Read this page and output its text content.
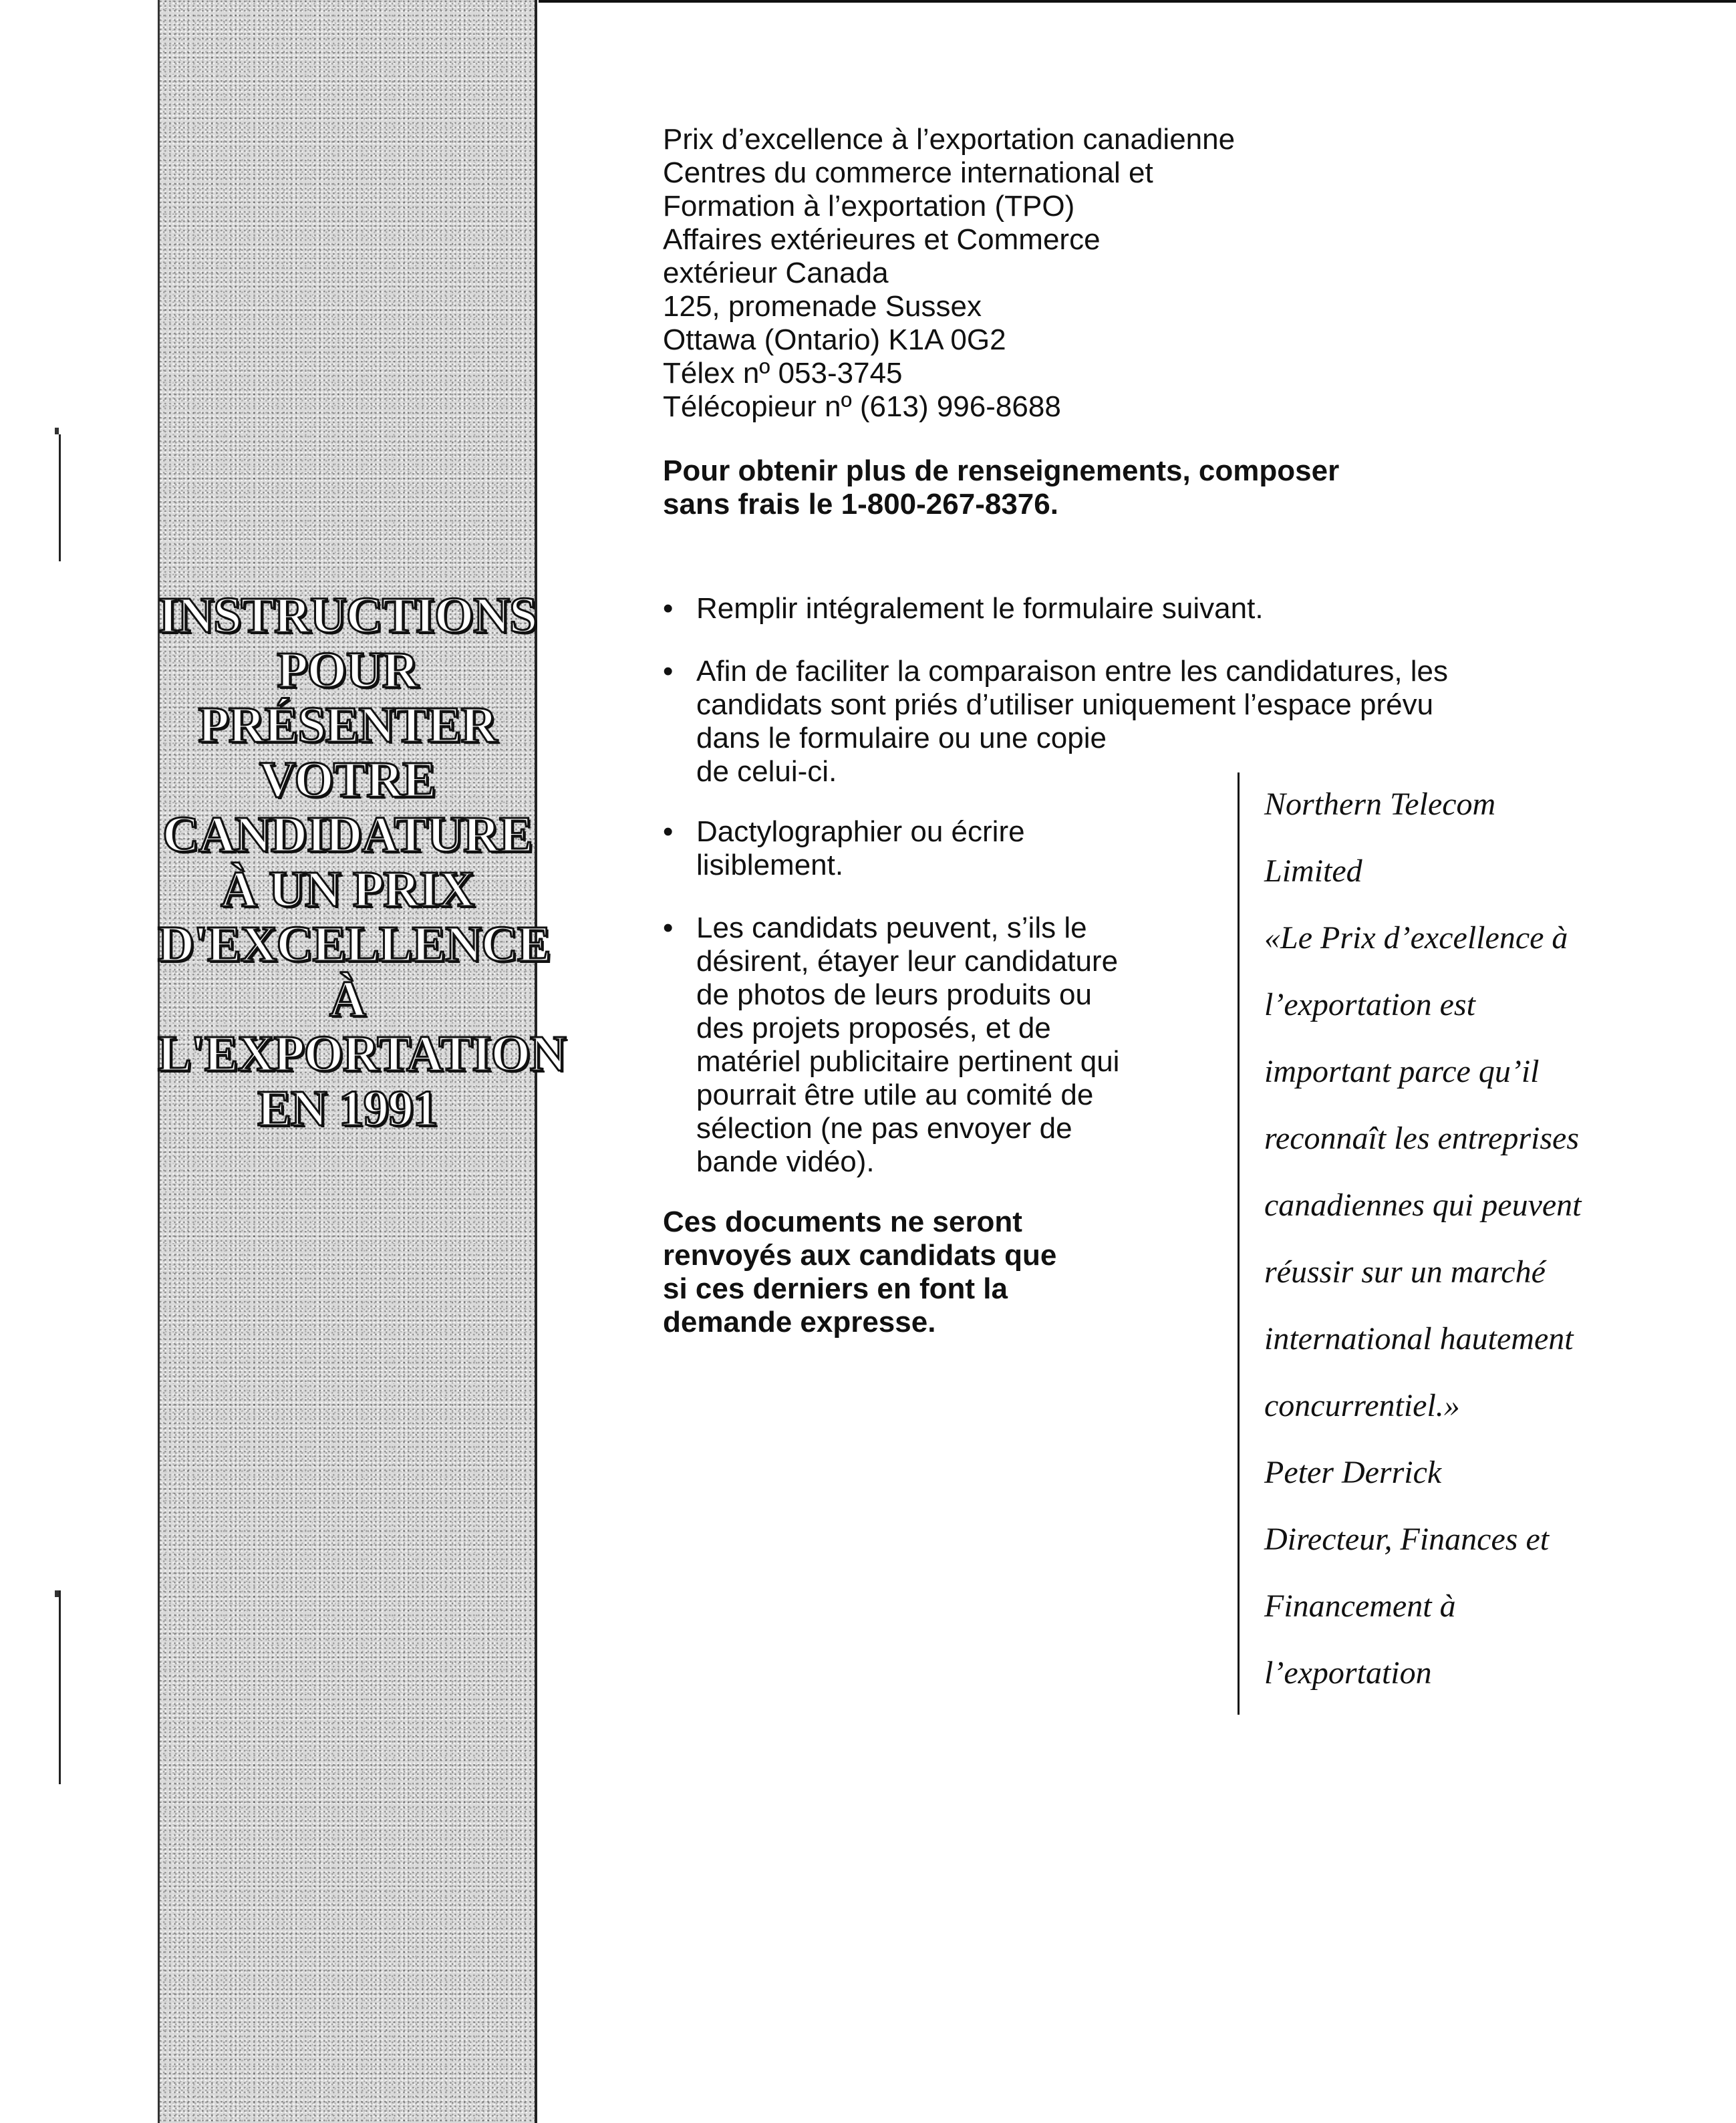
INSTRUCTIONS
POUR
PRÉSENTER
VOTRE
CANDIDATURE
À UN PRIX
D'EXCELLENCE
À
L'EXPORTATION
EN 1991
Prix d’excellence à l’exportation canadienne
Centres du commerce international et
Formation à l’exportation (TPO)
Affaires extérieures et Commerce
extérieur Canada
125, promenade Sussex
Ottawa (Ontario) K1A 0G2
Télex nº 053-3745
Télécopieur nº (613) 996-8688
Pour obtenir plus de renseignements, composer
sans frais le 1-800-267-8376.
• Remplir intégralement le formulaire suivant.
• Afin de faciliter la comparaison entre les candidatures, les
candidats sont priés d’utiliser uniquement l’espace prévu
dans le formulaire ou une copie
de celui-ci.
• Dactylographier ou écrire
lisiblement.
• Les candidats peuvent, s’ils le
désirent, étayer leur candidature
de photos de leurs produits ou
des projets proposés, et de
matériel publicitaire pertinent qui
pourrait être utile au comité de
sélection (ne pas envoyer de
bande vidéo).
Ces documents ne seront
renvoyés aux candidats que
si ces derniers en font la
demande expresse.
Northern Telecom
Limited
«Le Prix d’excellence à
l’exportation est
important parce qu’il
reconnaît les entreprises
canadiennes qui peuvent
réussir sur un marché
international hautement
concurrentiel.»
Peter Derrick
Directeur, Finances et
Financement à
l’exportation
